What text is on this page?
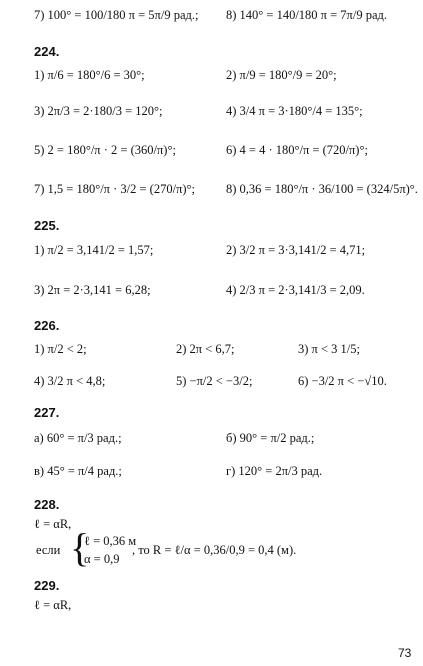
224.
225.
226.
227.
228.
229.
7) 100° = 100/180 π = 5π/9 рад.; 8) 140° = 140/180 π = 7π/9 рад.
1) π/6 = 180°/6 = 30°;	2) π/9 = 180°/9 = 20°;
3) 2π/3 = 2·180/3 = 120°;	4) 3/4 π = 3·180°/4 = 135°;
5) 2 = 180°/π · 2 = (360/π)°;	6) 4 = 4 · 180°/π = (720/π)°;
7) 1,5 = 180°/π · 3/2 = (270/π)°; 8) 0,36 = 180°/π · 36/100 = (324/5π)°.
1) π/2 = 3,141/2 = 1,57;	2) 3/2 π = 3·3,141/2 = 4,71;
3) 2π = 2·3,141 = 6,28;	4) 2/3 π = 2·3,141/3 = 2,09.
1) π/2 < 2;	2) 2π < 6,7;	3) π < 3 1/5;
4) 3/2 π < 4,8;	5) −π/2 < −3/2;	6) −3/2 π < −√10.
а) 60° = π/3 рад.;	б) 90° = π/2 рад.;
в) 45° = π/4 рад.;	г) 120° = 2π/3 рад.
ℓ = αR,
ℓ = 0,36 м
если
α = 0,9
, то R = ℓ/α = 0,36/0,9 = 0,4 (м).
ℓ = αR,
{
73
